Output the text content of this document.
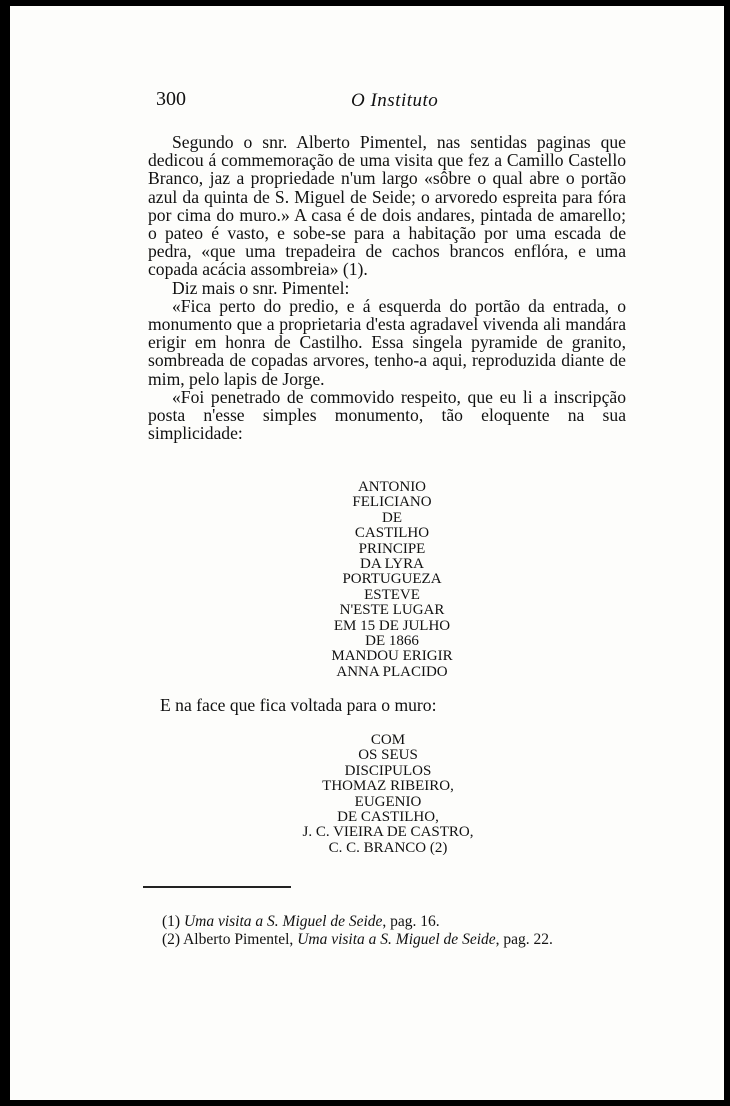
300	O Instituto

Segundo o snr. Alberto Pimentel, nas sentidas paginas que dedicou á commemoração de uma visita que fez a Camillo Castello Branco, jaz a propriedade n'um largo «sôbre o qual abre o portão azul da quinta de S. Miguel de Seide; o arvoredo espreita para fóra por cima do muro.» A casa é de dois andares, pintada de amarello; o pateo é vasto, e sobe-se para a habitação por uma escada de pedra, «que uma trepadeira de cachos brancos enflóra, e uma copada acácia assombreia» (1).

Diz mais o snr. Pimentel:

«Fica perto do predio, e á esquerda do portão da entrada, o monumento que a proprietaria d'esta agradavel vivenda ali mandára erigir em honra de Castilho. Essa singela pyramide de granito, sombreada de copadas arvores, tenho-a aqui, reproduzida diante de mim, pelo lapis de Jorge.

«Foi penetrado de commovido respeito, que eu li a inscripção posta n'esse simples monumento, tão eloquente na sua simplicidade:

ANTONIO
FELICIANO
DE
CASTILHO
PRINCIPE
DA LYRA
PORTUGUEZA
ESTEVE
N'ESTE LUGAR
EM 15 DE JULHO
DE 1866
MANDOU ERIGIR
ANNA PLACIDO
E na face que fica voltada para o muro:
COM
OS SEUS
DISCIPULOS
THOMAZ RIBEIRO,
EUGENIO
DE CASTILHO,
J. C. VIEIRA DE CASTRO,
C. C. BRANCO (2)
(1) Uma visita a S. Miguel de Seide, pag. 16.
(2) Alberto Pimentel, Uma visita a S. Miguel de Seide, pag. 22.
